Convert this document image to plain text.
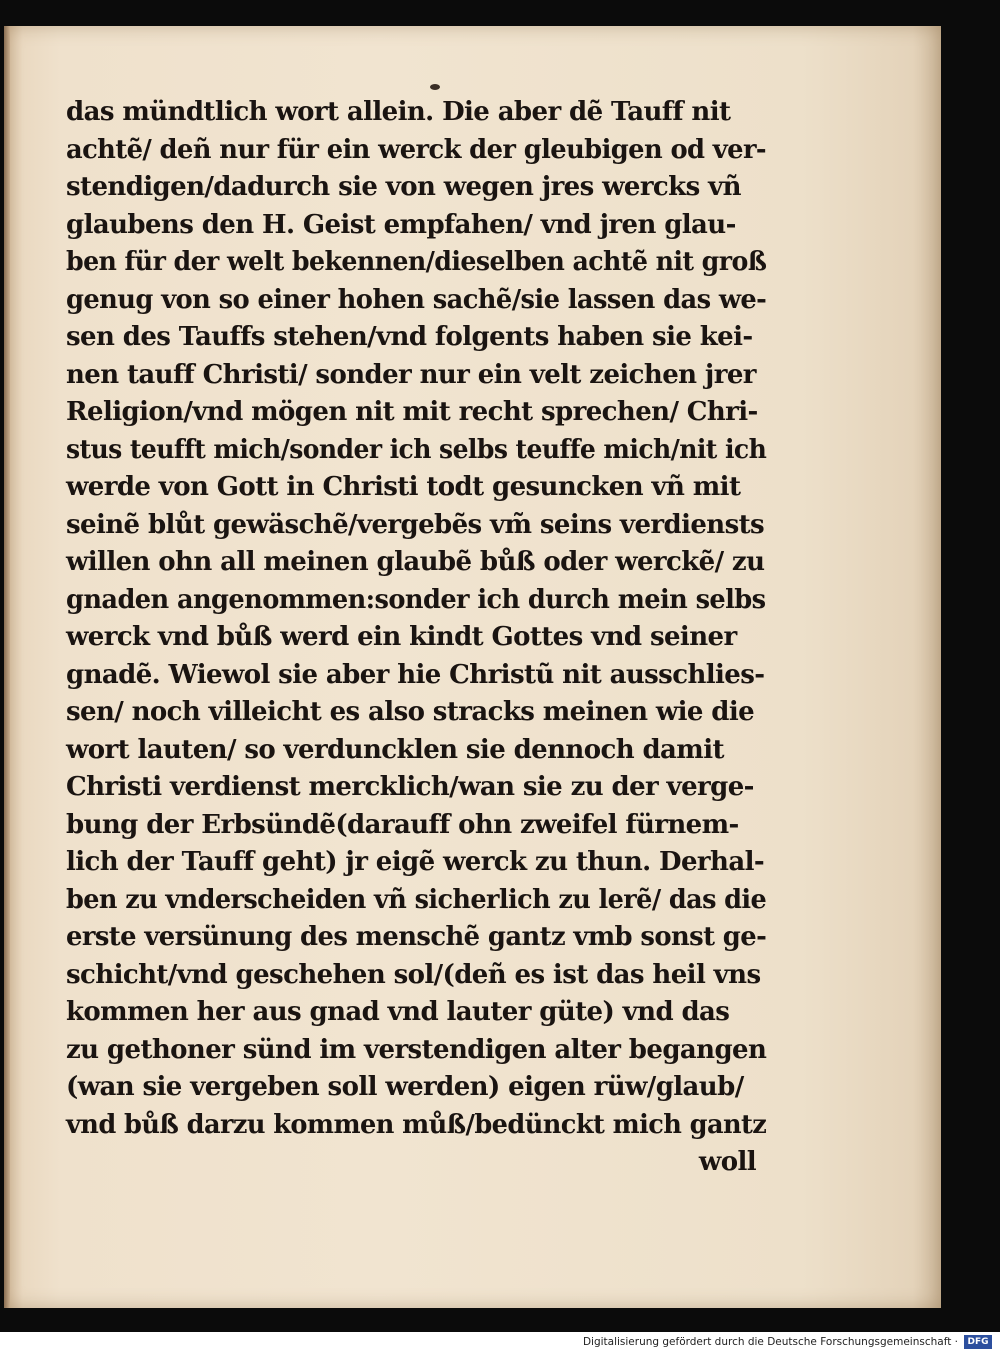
das mündtlich wort allein. Die aber dẽ Tauff nit
achtẽ/ deñ nur für ein werck der gleubigen od ver-
stendigen/dadurch sie von wegen jres wercks vñ
glaubens den H. Geist empfahen/ vnd jren glau-
ben für der welt bekennen/dieselben achtẽ nit groß
genug von so einer hohen sachẽ/sie lassen das we-
sen des Tauffs stehen/vnd folgents haben sie kei-
nen tauff Christi/ sonder nur ein velt zeichen jrer
Religion/vnd mögen nit mit recht sprechen/ Chri-
stus teufft mich/sonder ich selbs teuffe mich/nit ich
werde von Gott in Christi todt gesuncken vñ mit
seinẽ blůt gewäschẽ/vergebẽs vm̃ seins verdiensts
willen ohn all meinen glaubẽ bůß oder werckẽ/ zu
gnaden angenommen:sonder ich durch mein selbs
werck vnd bůß werd ein kindt Gottes vnd seiner
gnadẽ. Wiewol sie aber hie Christũ nit ausschlies-
sen/ noch villeicht es also stracks meinen wie die
wort lauten/ so verduncklen sie dennoch damit
Christi verdienst mercklich/wan sie zu der verge-
bung der Erbsündẽ(darauff ohn zweifel fürnem-
lich der Tauff geht) jr eigẽ werck zu thun. Derhal-
ben zu vnderscheiden vñ sicherlich zu lerẽ/ das die
erste versünung des menschẽ gantz vmb sonst ge-
schicht/vnd geschehen sol/(deñ es ist das heil vns
kommen her aus gnad vnd lauter güte) vnd das
zu gethoner sünd im verstendigen alter begangen
(wan sie vergeben soll werden) eigen rüw/glaub/
vnd bůß darzu kommen můß/bedünckt mich gantz
woll
Digitalisierung gefördert durch die Deutsche Forschungsgemeinschaft ·	DFG
